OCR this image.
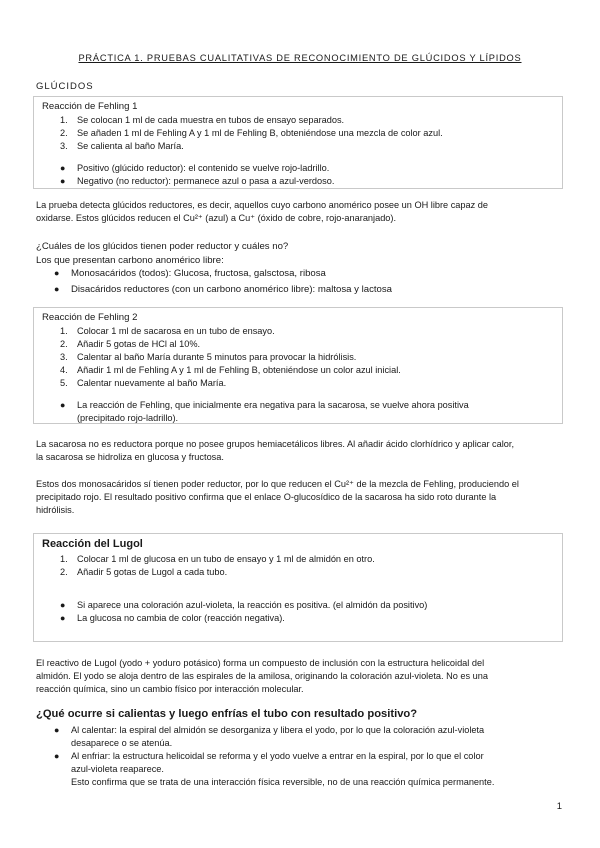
PRÁCTICA 1. PRUEBAS CUALITATIVAS DE RECONOCIMIENTO DE GLÚCIDOS Y LÍPIDOS
GLÚCIDOS
Reacción de Fehling 1
1. Se colocan 1 ml de cada muestra en tubos de ensayo separados.
2. Se añaden 1 ml de Fehling A y 1 ml de Fehling B, obteniéndose una mezcla de color azul.
3. Se calienta al baño María.
● Positivo (glúcido reductor): el contenido se vuelve rojo-ladrillo.
● Negativo (no reductor): permanece azul o pasa a azul-verdoso.
La prueba detecta glúcidos reductores, es decir, aquellos cuyo carbono anomérico posee un OH libre capaz de
oxidarse. Estos glúcidos reducen el Cu²⁺ (azul) a Cu⁺ (óxido de cobre, rojo-anaranjado).
¿Cuáles de los glúcidos tienen poder reductor y cuáles no?
Los que presentan carbono anomérico libre:
● Monosacáridos (todos): Glucosa, fructosa, galsctosa, ribosa
● Disacáridos reductores (con un carbono anomérico libre): maltosa y lactosa
Reacción de Fehling 2
1. Colocar 1 ml de sacarosa en un tubo de ensayo.
2. Añadir 5 gotas de HCl al 10%.
3. Calentar al baño María durante 5 minutos para provocar la hidrólisis.
4. Añadir 1 ml de Fehling A y 1 ml de Fehling B, obteniéndose un color azul inicial.
5. Calentar nuevamente al baño María.
● La reacción de Fehling, que inicialmente era negativa para la sacarosa, se vuelve ahora positiva
(precipitado rojo-ladrillo).
La sacarosa no es reductora porque no posee grupos hemiacetálicos libres. Al añadir ácido clorhídrico y aplicar calor,
la sacarosa se hidroliza en glucosa y fructosa.
Estos dos monosacáridos sí tienen poder reductor, por lo que reducen el Cu²⁺ de la mezcla de Fehling, produciendo el
precipitado rojo. El resultado positivo confirma que el enlace O-glucosídico de la sacarosa ha sido roto durante la
hidrólisis.
Reacción del Lugol
1. Colocar 1 ml de glucosa en un tubo de ensayo y 1 ml de almidón en otro.
2. Añadir 5 gotas de Lugol a cada tubo.
● Si aparece una coloración azul-violeta, la reacción es positiva. (el almidón da positivo)
● La glucosa no cambia de color (reacción negativa).
El reactivo de Lugol (yodo + yoduro potásico) forma un compuesto de inclusión con la estructura helicoidal del
almidón. El yodo se aloja dentro de las espirales de la amilosa, originando la coloración azul-violeta. No es una
reacción química, sino un cambio físico por interacción molecular.
¿Qué ocurre si calientas y luego enfrías el tubo con resultado positivo?
● Al calentar: la espiral del almidón se desorganiza y libera el yodo, por lo que la coloración azul-violeta
desaparece o se atenúa.
● Al enfriar: la estructura helicoidal se reforma y el yodo vuelve a entrar en la espiral, por lo que el color
azul-violeta reaparece.
Esto confirma que se trata de una interacción física reversible, no de una reacción química permanente.
1
